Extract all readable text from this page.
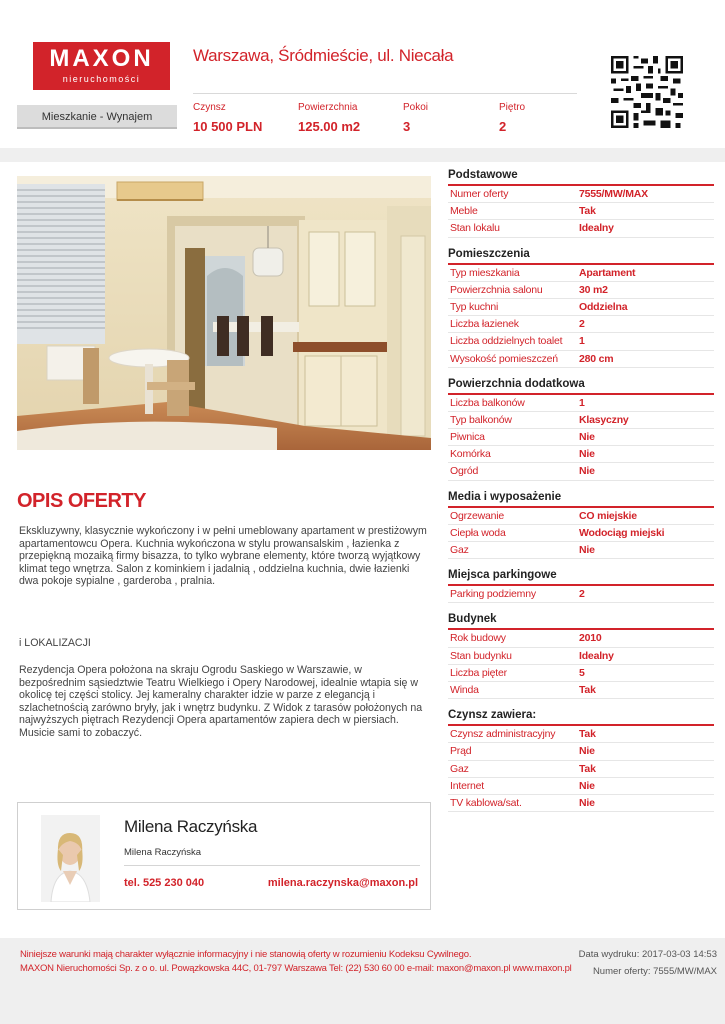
MAXON
nieruchomości
Warszawa, Śródmieście, ul. Niecała
Mieszkanie - Wynajem
Czynsz
10 500 PLN
Powierzchnia
125.00 m2
Pokoi
3
Piętro
2
OPIS OFERTY
Ekskluzywny, klasycznie wykończony i w pełni umeblowany apartament w prestiżowym apartamentowcu Opera. Kuchnia wykończona w stylu prowansalskim , łazienka z przepiękną mozaiką firmy bisazza, to tylko wybrane elementy, które tworzą wyjątkowy klimat tego wnętrza. Salon z kominkiem i jadalnią , oddzielna kuchnia, dwie łazienki dwa pokoje sypialne , garderoba , pralnia.
i LOKALIZACJI
Rezydencja Opera położona na skraju Ogrodu Saskiego w Warszawie, w bezpośrednim sąsiedztwie Teatru Wielkiego i Opery Narodowej, idealnie wtapia się w okolicę tej części stolicy. Jej kameralny charakter idzie w parze z elegancją i szlachetnością zarówno bryły, jak i wnętrz budynku. Z Widok z tarasów położonych na najwyższych piętrach Rezydencji Opera apartamentów zapiera dech w piersiach. Musicie sami to zobaczyć.
Milena Raczyńska
Milena Raczyńska
tel. 525 230 040	milena.raczynska@maxon.pl
Podstawowe
Numer oferty	7555/MW/MAX
Meble	Tak
Stan lokalu	Idealny
Pomieszczenia
Typ mieszkania	Apartament
Powierzchnia salonu	30 m2
Typ kuchni	Oddzielna
Liczba łazienek	2
Liczba oddzielnych toalet 1
Wysokość pomieszczeń 280 cm
Powierzchnia dodatkowa
Liczba balkonów	1
Typ balkonów	Klasyczny
Piwnica	Nie
Komórka	Nie
Ogród	Nie
Media i wyposażenie
Ogrzewanie	CO miejskie
Ciepła woda	Wodociąg miejski
Gaz	Nie
Miejsca parkingowe
Parking podziemny	2
Budynek
Rok budowy	2010
Stan budynku	Idealny
Liczba pięter	5
Winda	Tak
Czynsz zawiera:
Czynsz administracyjny Tak
Prąd	Nie
Gaz	Tak
Internet	Nie
TV kablowa/sat.	Nie
Niniejsze warunki mają charakter wyłącznie informacyjny i nie stanowią oferty w rozumieniu Kodeksu Cywilnego.
MAXON Nieruchomości Sp. z o o. ul. Powązkowska 44C, 01-797 Warszawa Tel: (22) 530 60 00 e-mail: maxon@maxon.pl www.maxon.pl
Data wydruku: 2017-03-03 14:53
Numer oferty: 7555/MW/MAX
